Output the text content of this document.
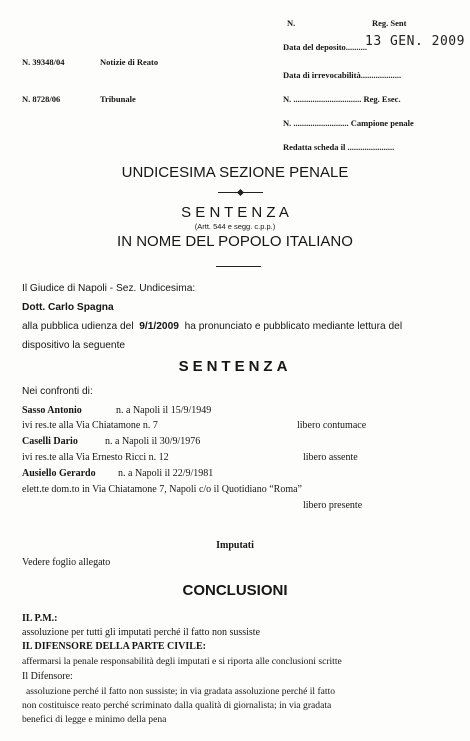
N. 39348/04	Notizie di Reato
N. 8728/06	Tribunale
N.	Reg. Sent
Data del deposito..........
13 GEN. 2009
Data di irrevocabilità...................
N. ................................ Reg. Esec.
N. .......................... Campione penale
Redatta scheda il ......................
UNDICESIMA SEZIONE PENALE
S E N T E N Z A
(Artt. 544 e segg. c.p.p.)
IN NOME DEL POPOLO ITALIANO
Il Giudice di Napoli - Sez. Undicesima:
Dott. Carlo Spagna
alla pubblica udienza del 9/1/2009 ha pronunciato e pubblicato mediante lettura del
dispositivo la seguente
SENTENZA
Nei confronti di:
Sasso Antonio	n. a Napoli il 15/9/1949
ivi res.te alla Via Chiatamone n. 7	libero contumace
Caselli Dario	n. a Napoli il 30/9/1976
ivi res.te alla Via Ernesto Ricci n. 12	libero assente
Ausiello Gerardo n. a Napoli il 22/9/1981
elett.te dom.to in Via Chiatamone 7, Napoli c/o il Quotidiano “Roma”
libero presente
Imputati
Vedere foglio allegato
CONCLUSIONI
IL P.M.:
assoluzione per tutti gli imputati perché il fatto non sussiste
IL DIFENSORE DELLA PARTE CIVILE:
affermarsi la penale responsabilità degli imputati e si riporta alle conclusioni scritte
Il Difensore:
assoluzione perché il fatto non sussiste; in via gradata assoluzione perché il fatto
non costituisce reato perché scriminato dalla qualità di giornalista; in via gradata
benefici di legge e minimo della pena
